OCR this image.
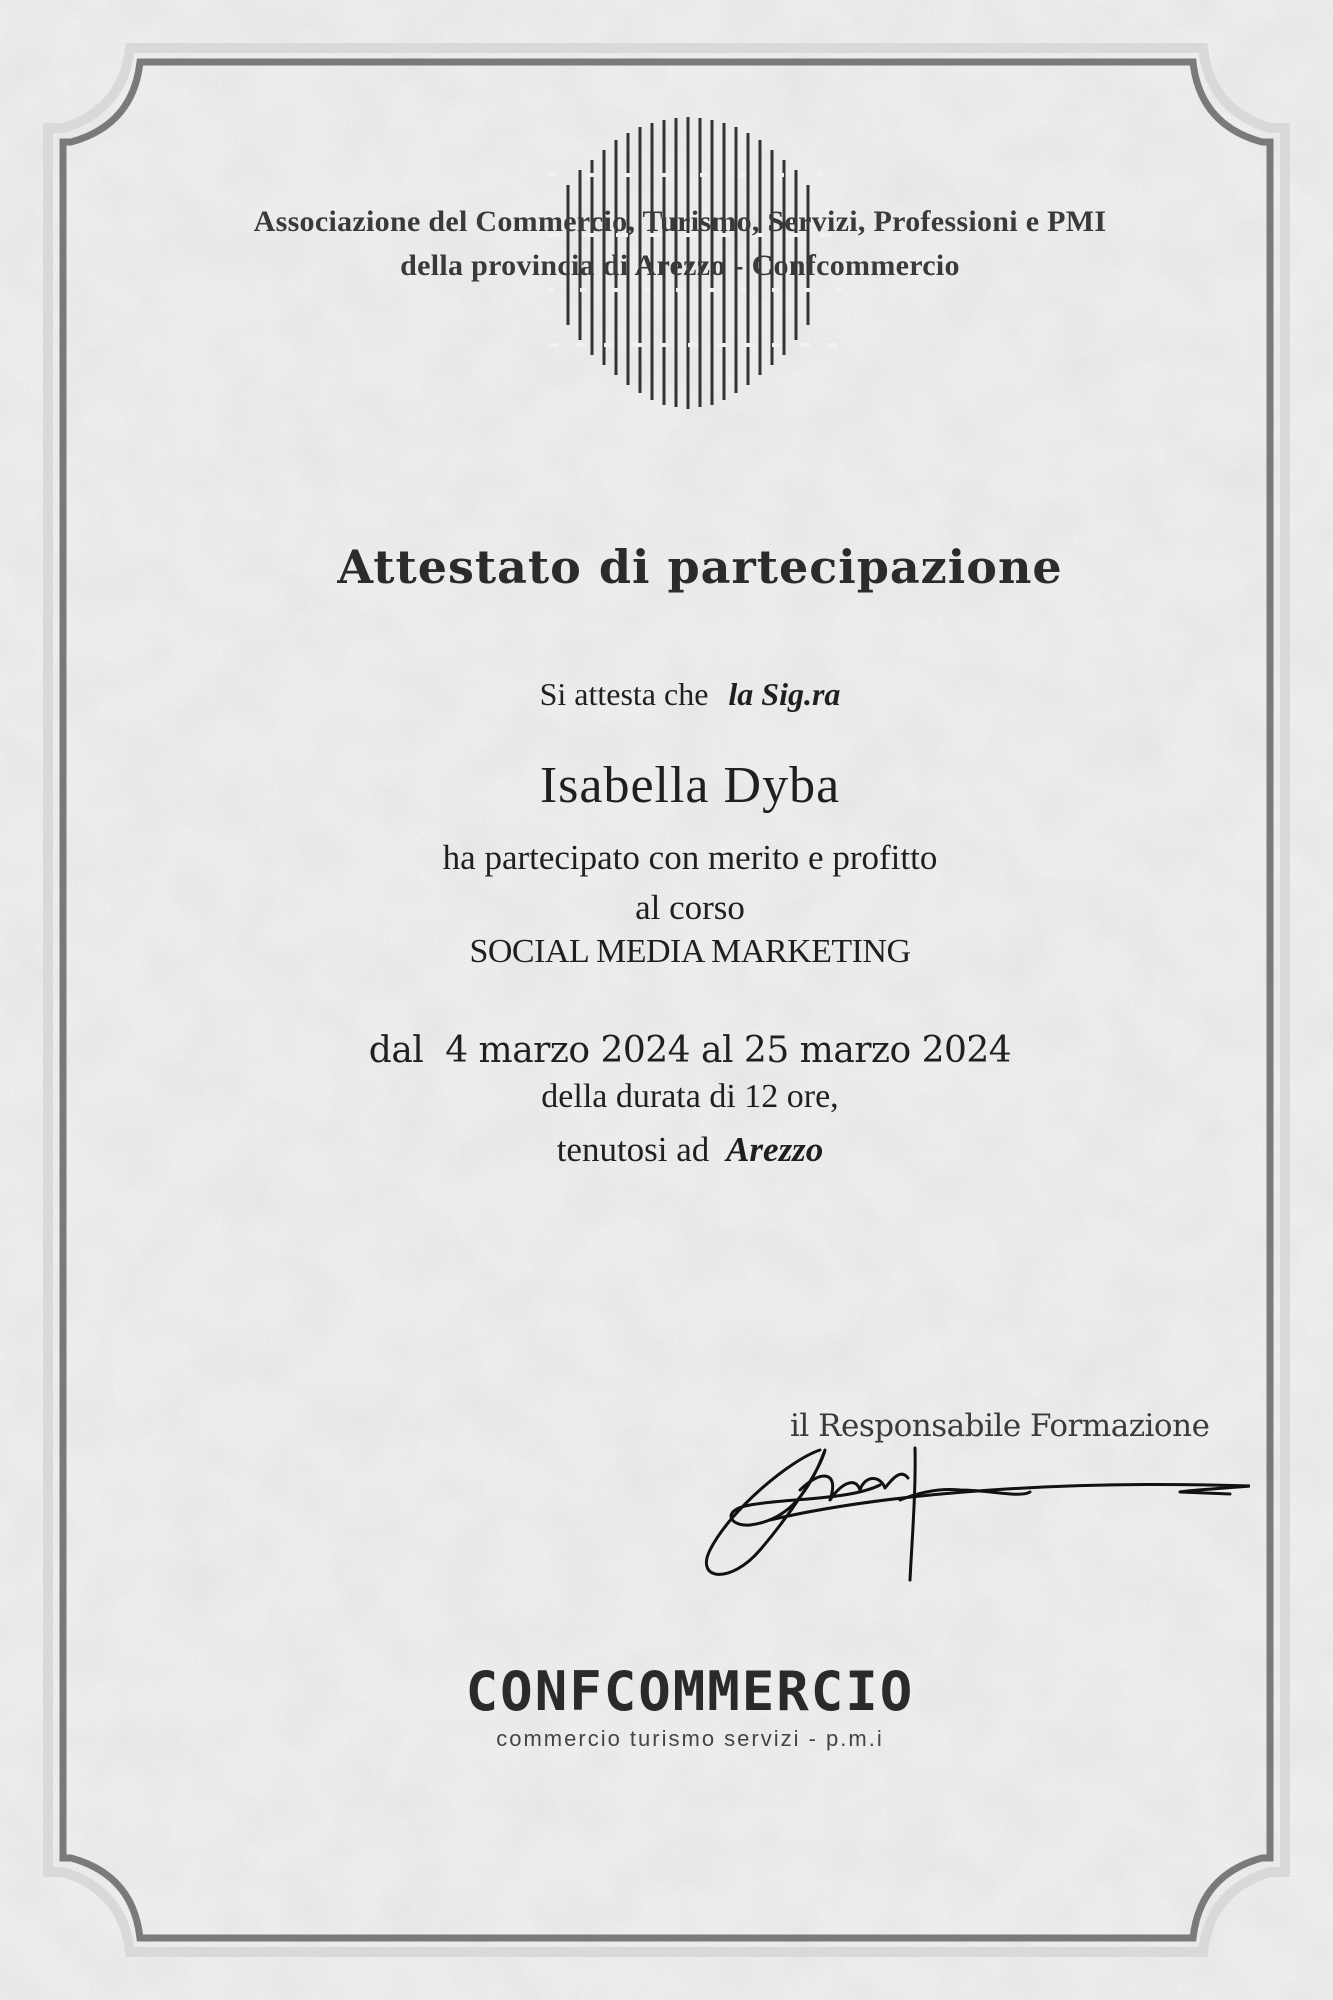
Associazione del Commercio, Turismo, Servizi, Professioni e PMI
della provincia di Arezzo - Confcommercio
Attestato di partecipazione
Si attesta che la Sig.ra
Isabella Dyba
ha partecipato con merito e profitto
al corso
SOCIAL MEDIA MARKETING
dal  4 marzo 2024 al 25 marzo 2024
della durata di 12 ore,
tenutosi ad Arezzo
il Responsabile Formazione
CONFCOMMERCIO
commercio turismo servizi - p.m.i
